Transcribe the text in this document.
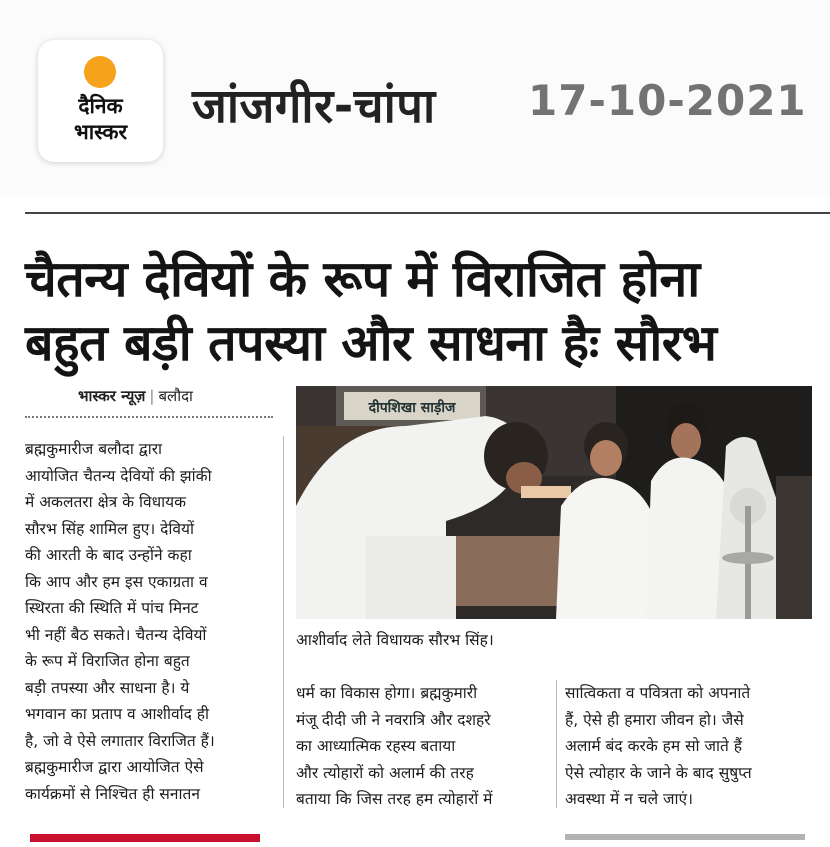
दैनिक
भास्कर	जांजगीर-चांपा 17-10-2021
चैतन्य देवियों के रूप में विराजित होना
बहुत बड़ी तपस्या और साधना हैः सौरभ
भास्कर न्यूज़ | बलौदा
दीपशिखा साड़ीज
आशीर्वाद लेते विधायक सौरभ सिंह।

ब्रह्मकुमारीज बलौदा द्वारा

आयोजित चैतन्य देवियों की झांकी

में अकलतरा क्षेत्र के विधायक

सौरभ सिंह शामिल हुए। देवियों

की आरती के बाद उन्होंने कहा

कि आप और हम इस एकाग्रता व

स्थिरता की स्थिति में पांच मिनट

भी नहीं बैठ सकते। चैतन्य देवियों

के रूप में विराजित होना बहुत

बड़ी तपस्या और साधना है। ये

भगवान का प्रताप व आशीर्वाद ही

है, जो वे ऐसे लगातार विराजित हैं।

ब्रह्मकुमारीज द्वारा आयोजित ऐसे

कार्यक्रमों से निश्चित ही सनातन

धर्म का विकास होगा। ब्रह्मकुमारी

मंजू दीदी जी ने नवरात्रि और दशहरे

का आध्यात्मिक रहस्य बताया

और त्योहारों को अलार्म की तरह

बताया कि जिस तरह हम त्योहारों में

सात्विकता व पवित्रता को अपनाते

हैं, ऐसे ही हमारा जीवन हो। जैसे

अलार्म बंद करके हम सो जाते हैं

ऐसे त्योहार के जाने के बाद सुषुप्त

अवस्था में न चले जाएं।
